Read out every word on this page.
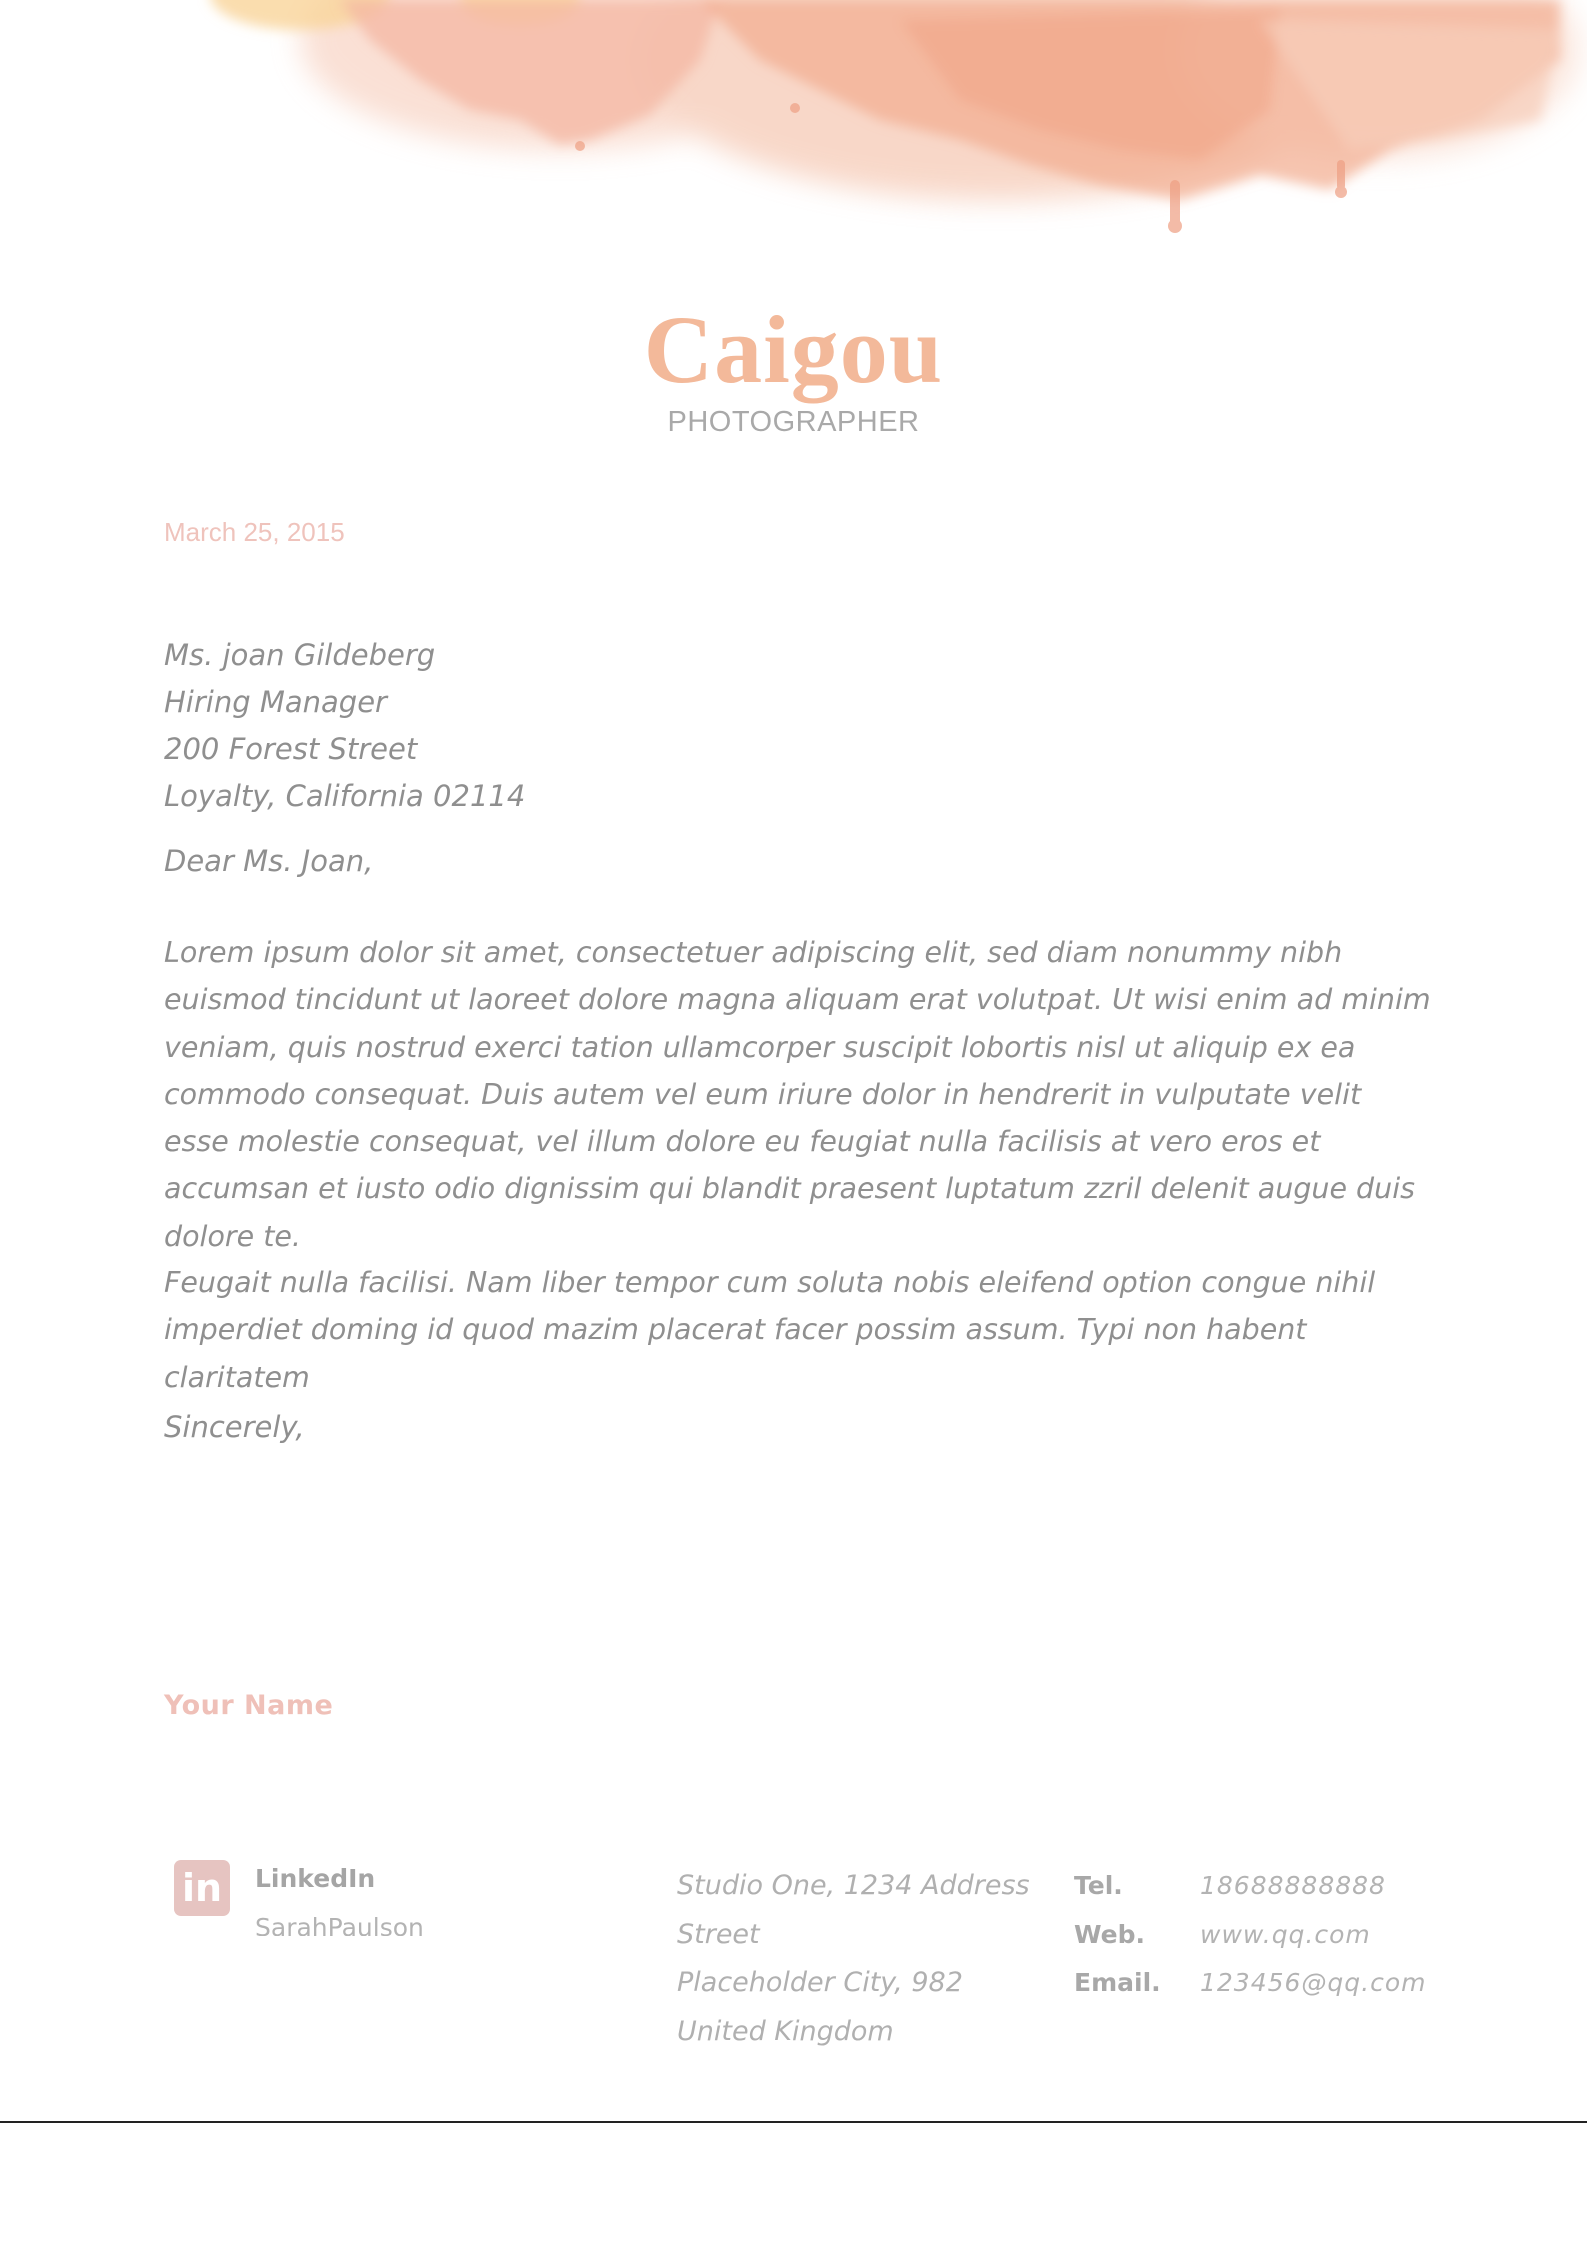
Caigou
PHOTOGRAPHER
March 25, 2015
Ms. joan Gildeberg
Hiring Manager
200 Forest Street
Loyalty, California 02114
Dear Ms. Joan,

Lorem ipsum dolor sit amet, consectetuer adipiscing elit, sed diam nonummy nibh euismod tincidunt ut laoreet dolore magna aliquam erat volutpat. Ut wisi enim ad minim veniam, quis nostrud exerci tation ullamcorper suscipit lobortis nisl ut aliquip ex ea commodo consequat. Duis autem vel eum iriure dolor in hendrerit in vulputate velit esse molestie consequat, vel illum dolore eu feugiat nulla facilisis at vero eros et accumsan et iusto odio dignissim qui blandit praesent luptatum zzril delenit augue duis dolore te.

Feugait nulla facilisi. Nam liber tempor cum soluta nobis eleifend option congue nihil imperdiet doming id quod mazim placerat facer possim assum. Typi non habent claritatem

Sincerely,
Your Name
in	LinkedIn
SarahPaulson
Studio One, 1234 Address
Street
Placeholder City, 982
United Kingdom
Tel.	18688888888
Web.	www.qq.com
Email.	123456@qq.com
